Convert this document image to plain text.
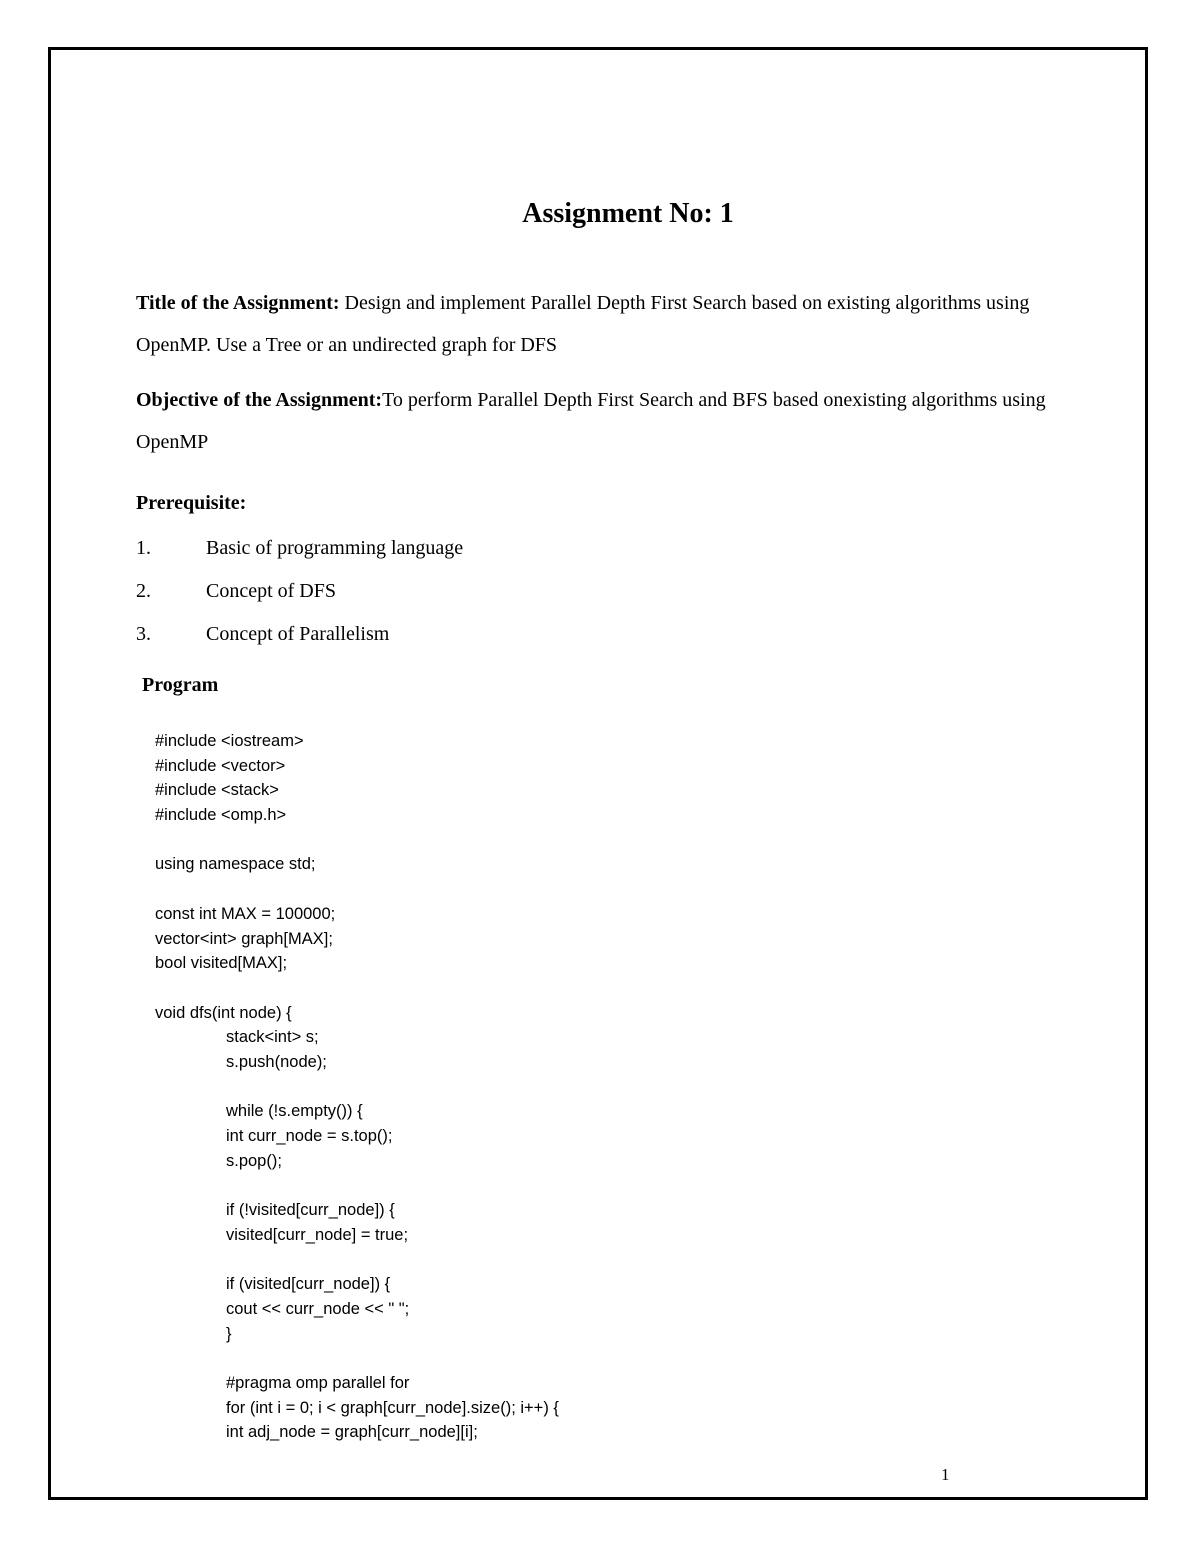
Assignment No: 1
Title of the Assignment: Design and implement Parallel Depth First Search based on existing algorithms using OpenMP. Use a Tree or an undirected graph for DFS
Objective of the Assignment:To perform Parallel Depth First Search and BFS based onexisting algorithms using OpenMP
Prerequisite:
1.	Basic of programming language
2.	Concept of DFS
3.	Concept of Parallelism
Program
#include <iostream>
#include <vector>
#include <stack>
#include <omp.h>
using namespace std;
const int MAX = 100000;
vector<int> graph[MAX];
bool visited[MAX];
void dfs(int node) {
stack<int> s;
s.push(node);
while (!s.empty()) {
int curr_node = s.top();
s.pop();
if (!visited[curr_node]) {
visited[curr_node] = true;
if (visited[curr_node]) {
cout << curr_node << " ";
}
#pragma omp parallel for
for (int i = 0; i < graph[curr_node].size(); i++) {
int adj_node = graph[curr_node][i];
1
